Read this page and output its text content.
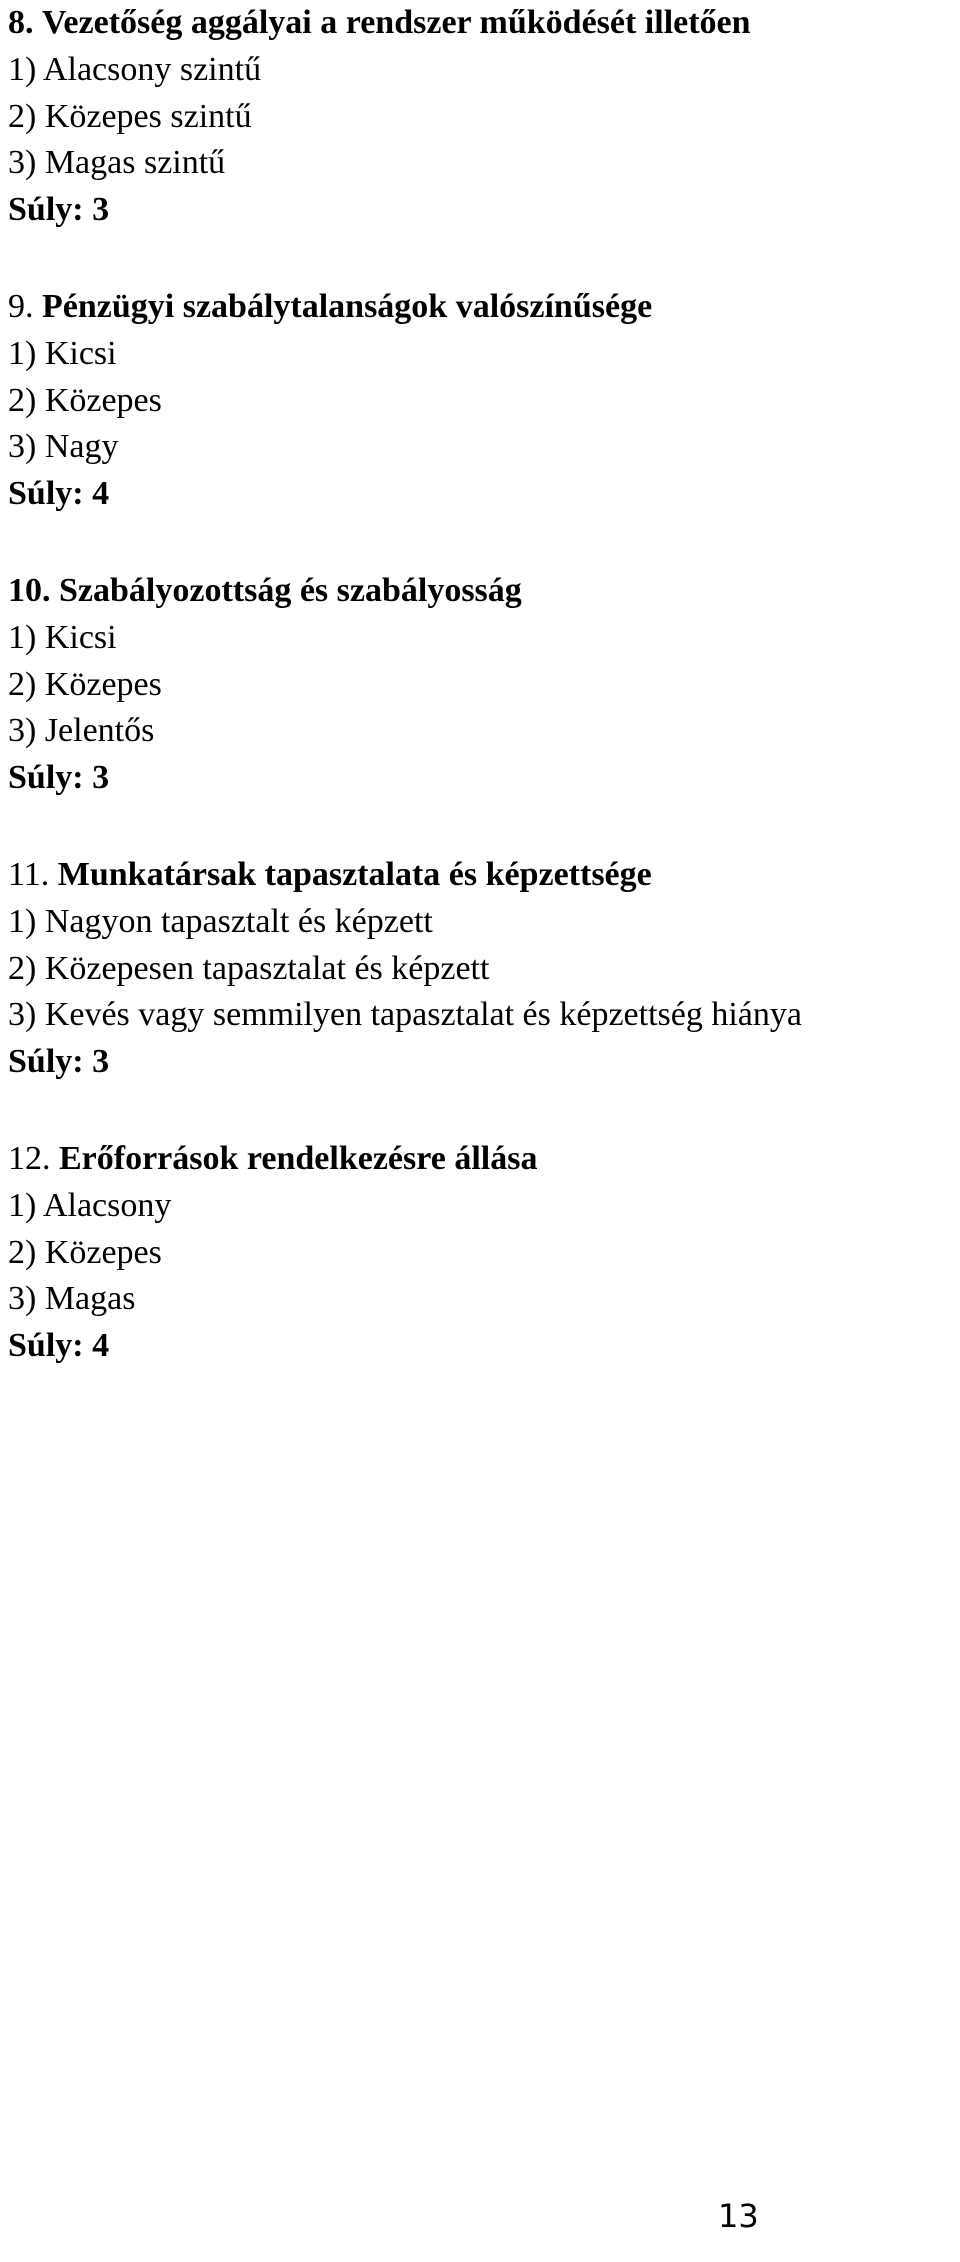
8. Vezetőség aggályai a rendszer működését illetően

1) Alacsony szintű

2) Közepes szintű

3) Magas szintű

Súly: 3

9. Pénzügyi szabálytalanságok valószínűsége

1) Kicsi

2) Közepes

3) Nagy

Súly: 4

10. Szabályozottság és szabályosság

1) Kicsi

2) Közepes

3) Jelentős

Súly: 3

11. Munkatársak tapasztalata és képzettsége

1) Nagyon tapasztalt és képzett

2) Közepesen tapasztalat és képzett

3) Kevés vagy semmilyen tapasztalat és képzettség hiánya

Súly: 3

12. Erőforrások rendelkezésre állása

1) Alacsony

2) Közepes

3) Magas

Súly: 4

13
